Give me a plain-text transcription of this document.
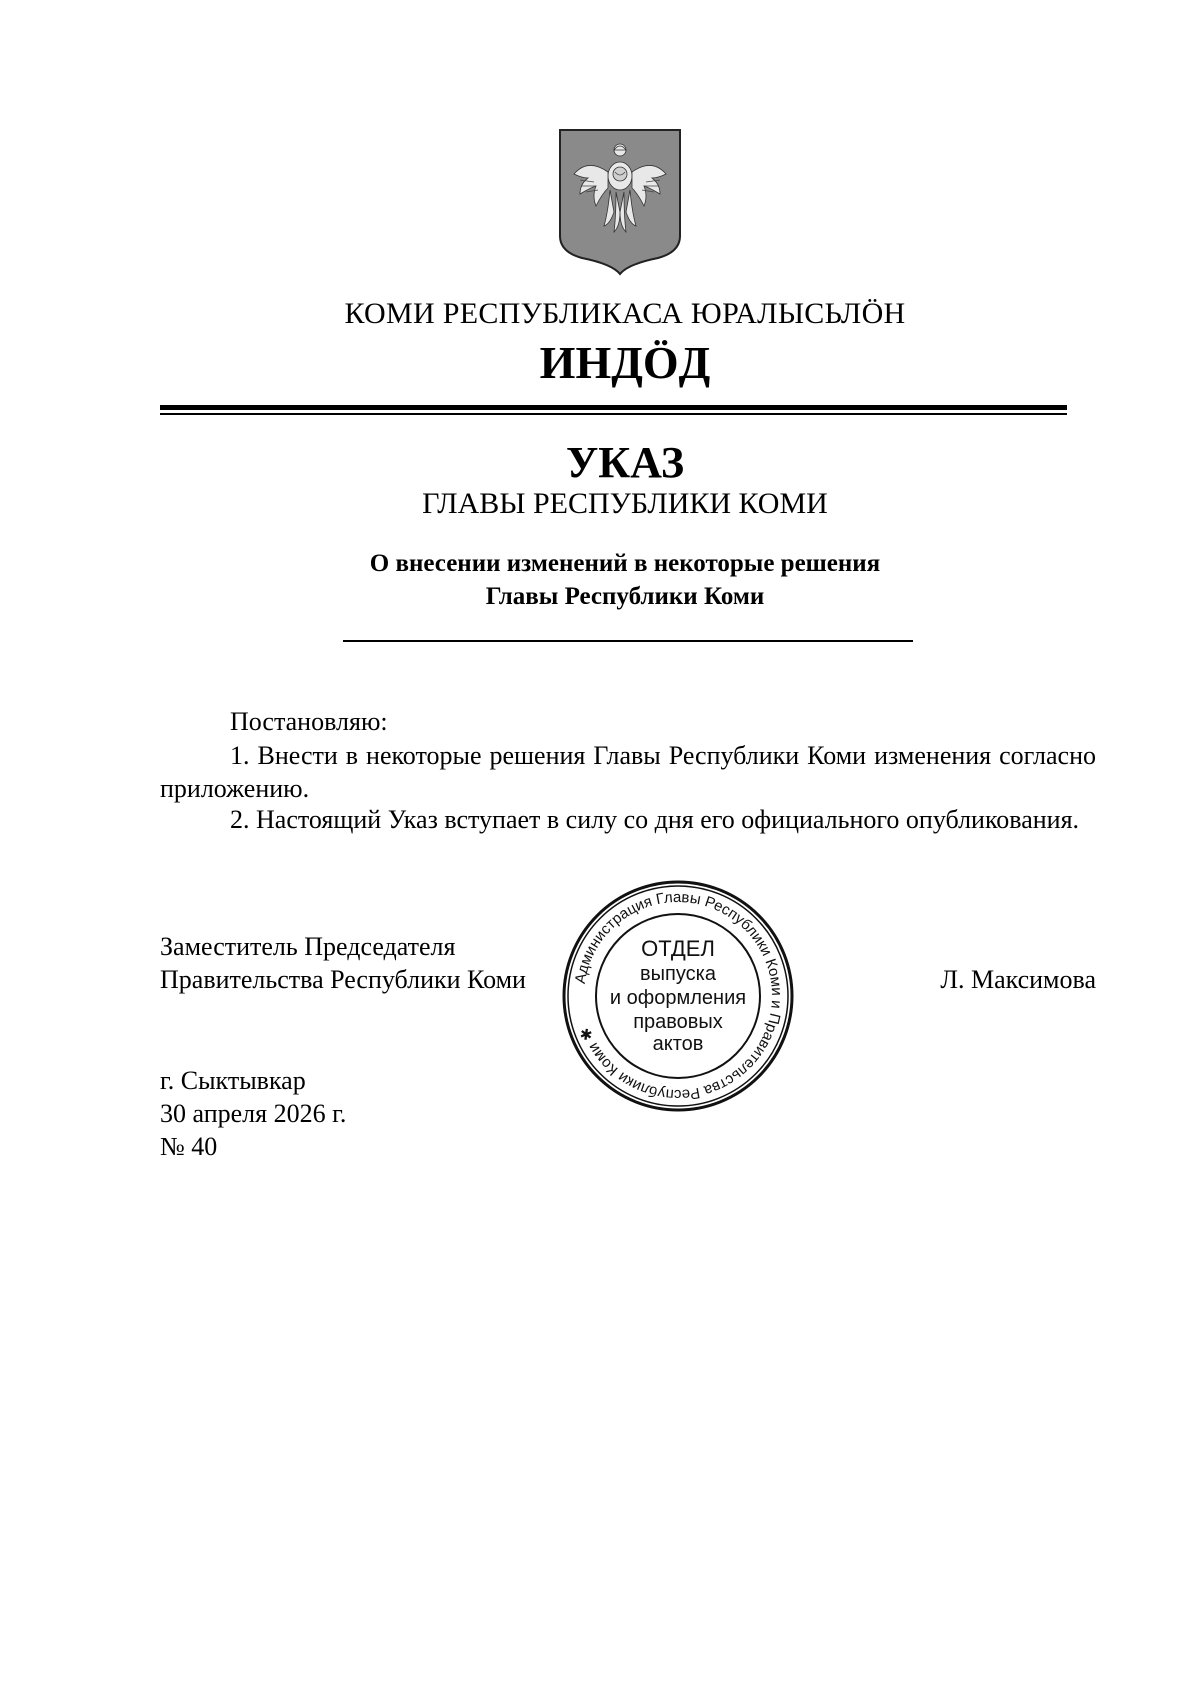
КОМИ РЕСПУБЛИКАСА ЮРАЛЫСЬЛÖН
ИНДÖД
УКАЗ
ГЛАВЫ РЕСПУБЛИКИ КОМИ
О внесении изменений в некоторые решения
Главы Республики Коми
Постановляю:
1. Внести в некоторые решения Главы Республики Коми изменения согласно приложению.
2. Настоящий Указ вступает в силу со дня его официального опубликования.
Заместитель Председателя
Правительства Республики Коми	Л. Максимова
Администрация Главы Республики Коми и Правительства Республики Коми ✱
ОТДЕЛ
выпуска
и оформления
правовых
актов
г. Сыктывкар
30 апреля 2026 г.
№ 40
